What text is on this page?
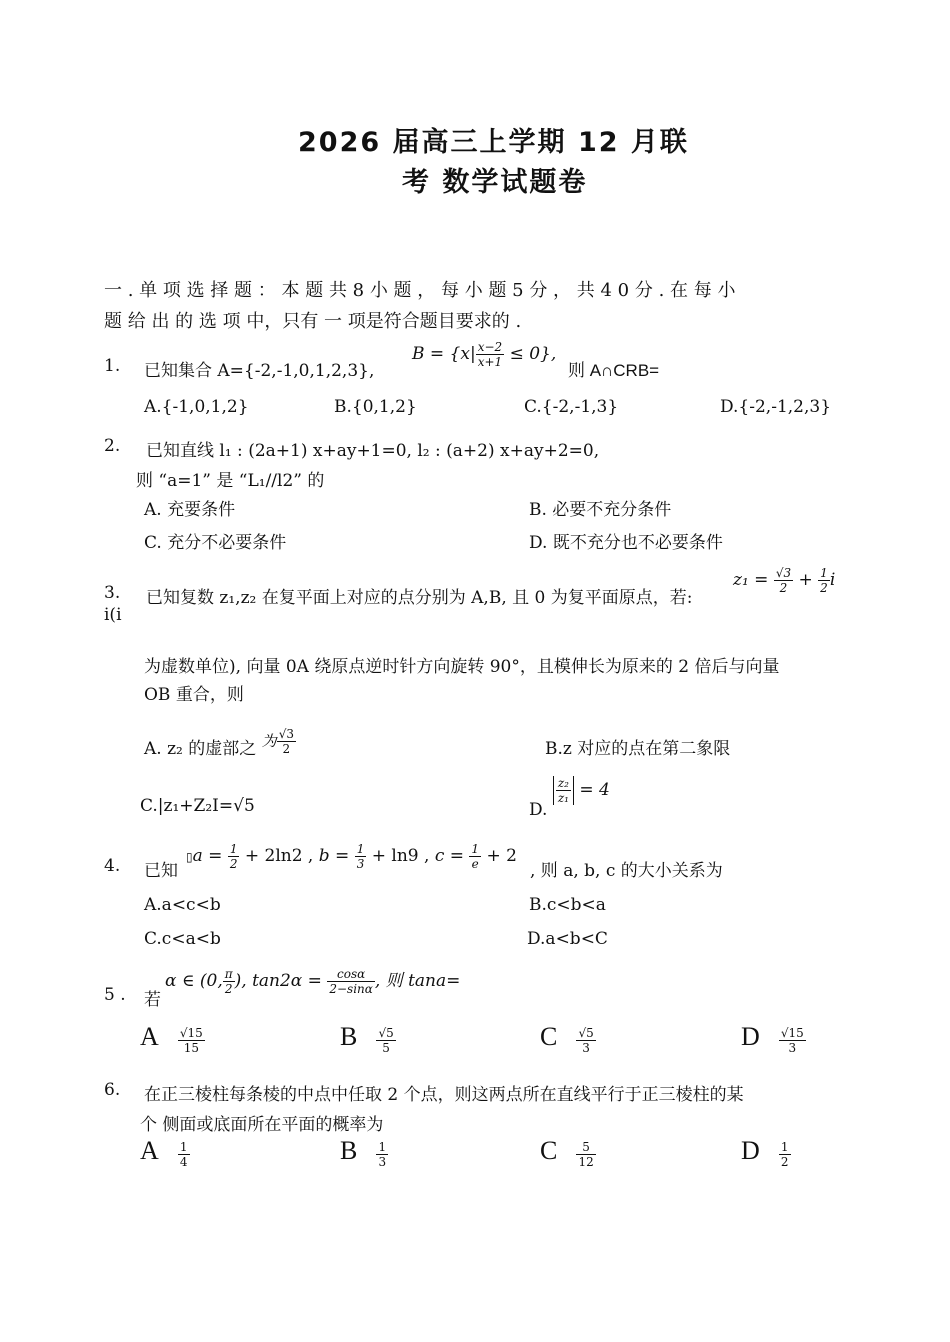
2026 届高三上学期 12 月联
考 数学试题卷
一 . 单 项 选 择 题 ： 本 题 共 8 小 题 ， 每 小 题 5 分 ， 共 4 0 分 . 在 每 小
题 给 出 的 选 项 中，只有 一 项是符合题目要求的 .
1. 已知集合 A={-2,-1,0,1,2,3},
$B = \{x| \frac{x-2}{x+1} \le 0\}$,
则 A∩CRB=
A.{-1,0,1,2}	B.{0,1,2}	C.{-2,-1,3}	D.{-2,-1,2,3}
2. 已知直线 l₁ : (2a+1) x+ay+1=0, l₂ : (a+2) x+ay+2=0,
则 “a=1” 是 “L₁//l2” 的
A. 充要条件	B. 必要不充分条件
C. 充分不必要条件	D. 既不充分也不必要条件
3. 已知复数 z₁,z₂ 在复平面上对应的点分别为 A,B, 且 0 为复平面原点，若:
$z_1 = \frac{√3}{2} + \frac{1}{2}$ i
i(i
为虚数单位), 向量 0A 绕原点逆时针方向旋转 90°，且模伸长为原来的 2 倍后与向量
OB 重合，则
A. z₂ 的虚部之 为 $\frac{√3}{2}$	B.z 对应的点在第二象限
C.|z₁+Z₂I=√5	D.
$\frac{\text{z₂}}{\text{z₁}} = 4$
4. 已知
▯a = $\frac{1}{2} + 2\ln 2$ , $b = \frac{1}{3} + \ln 9$ , $c = \frac{1}{e} + 2$
, 则 a, b, c 的大小关系为
A.a<c<b	B.c<b<a
C.c<a<b	D.a<b<C
5 . 若
α ∈ (0, $\frac{\pi}{2}$ ), $\tan 2\alpha = \frac{\cos\alpha}{2-\sin\alpha}$ , 则 tana=
A $\frac{√15}{15}$	B $\frac{√5}{5}$	C $\frac{√5}{3}$	D $\frac{√15}{3}$
6. 在正三棱柱每条棱的中点中任取 2 个点，则这两点所在直线平行于正三棱柱的某
个 侧面或底面所在平面的概率为
A $\frac{1}{4}$	B $\frac{1}{3}$	C $\frac{5}{12}$	D $\frac{1}{2}$
